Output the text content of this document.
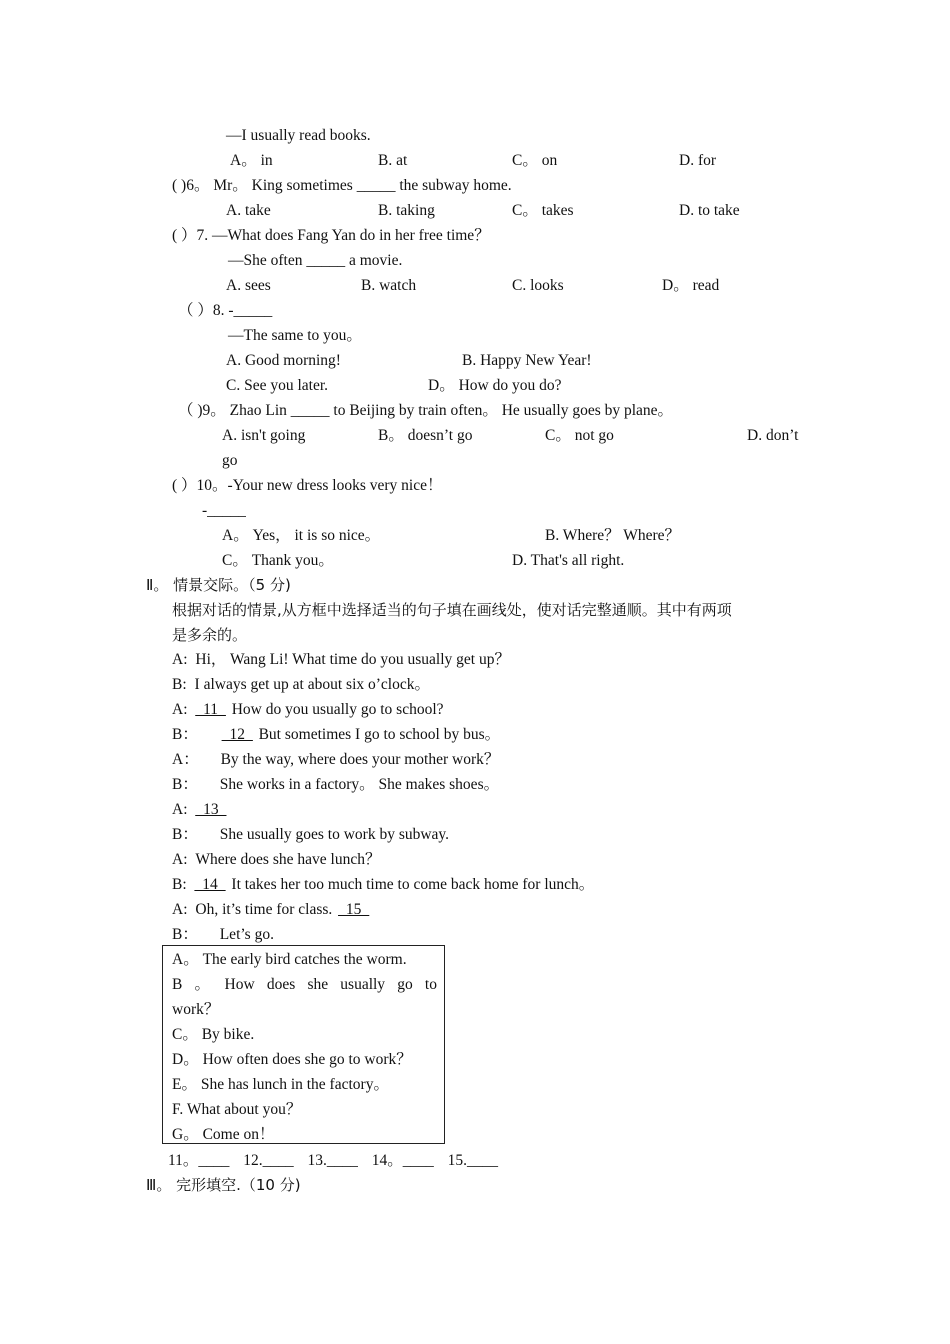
—I usually read books.
A。 in	B. at	C。 on	D. for
( )6。 Mr。 King sometimes _____ the subway home.
A. take	B. taking	C。 takes	D. to take
( ）7. —What does Fang Yan do in her free time？
—She often _____ a movie.
A. sees	B. watch	C. looks	D。 read
（ ）8. -_____
—The same to you。
A. Good morning!	B. Happy New Year!
C. See you later.	D。 How do you do?
（ )9。 Zhao Lin _____ to Beijing by train often。 He usually goes by plane。
A. isn't going	B。 doesn’t go	C。 not go	D. don’t
go
( ）10。-Your new dress looks very nice！
-_____
A。 Yes， it is so nice。	B. Where？ Where？
C。 Thank you。	D. That's all right.
Ⅱ。 情景交际。（5 分)
根据对话的情景,从方框中选择适当的句子填在画线处，使对话完整通顺。其中有两项
是多余的。
A: Hi， Wang Li! What time do you usually get up？
B: I always get up at about six o’clock。
A: _11_ How do you usually go to school?
B： _12_ But sometimes I go to school by bus。
A： By the way, where does your mother work？
B： She works in a factory。 She makes shoes。
A: _13_
B： She usually goes to work by subway.
A: Where does she have lunch？
B: _14_ It takes her too much time to come back home for lunch。
A: Oh, it’s time for class. _15_
B： Let’s go.
A。 The early bird catches the worm.
B 。 How does she usually go to
work？
C。 By bike.
D。 How often does she go to work？
E。 She has lunch in the factory。
F. What about you？
G。 Come on！
11。____ 12.____ 13.____ 14。____ 15.____
Ⅲ。 完形填空.（10 分)
